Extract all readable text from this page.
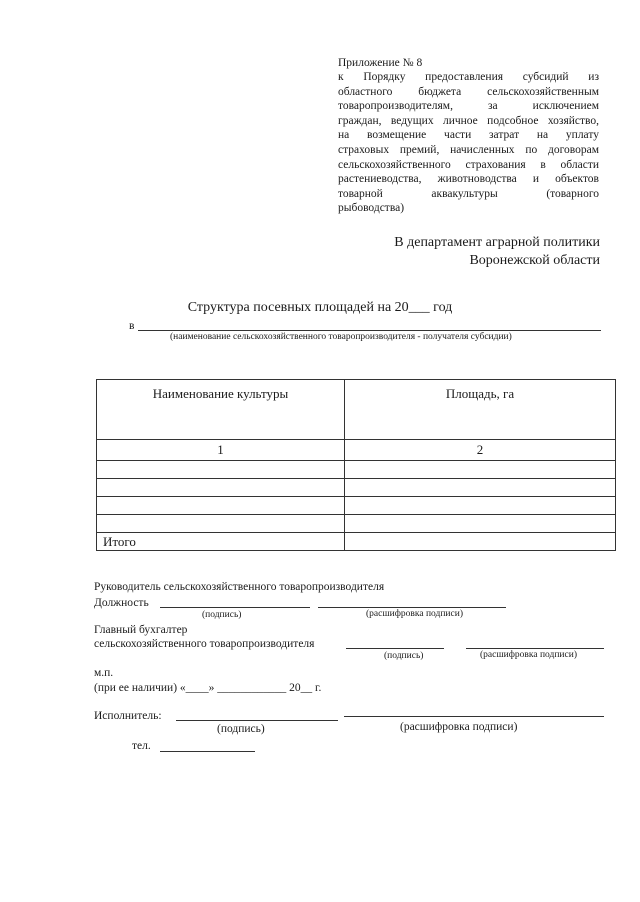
Приложение № 8
к Порядку предоставления субсидий из
областного бюджета сельскохозяйственным
товаропроизводителям, за исключением
граждан, ведущих личное подсобное хозяйство,
на возмещение части затрат на уплату
страховых премий, начисленных по договорам
сельскохозяйственного страхования в области
растениеводства, животноводства и объектов
товарной аквакультуры (товарного
рыбоводства)
В департамент аграрной политики
Воронежской области
Структура посевных площадей на 20___ год
в
(наименование сельскохозяйственного товаропроизводителя - получателя субсидии)
Наименование культуры	Площадь, га
1	2

Итого	
Руководитель сельскохозяйственного товаропроизводителя
Должность
(подпись)	(расшифровка подписи)
Главный бухгалтер
сельскохозяйственного товаропроизводителя
(подпись)	(расшифровка подписи)
м.п.
(при ее наличии) «____» ____________ 20__ г.
Исполнитель:
(подпись)	(расшифровка подписи)
тел.
